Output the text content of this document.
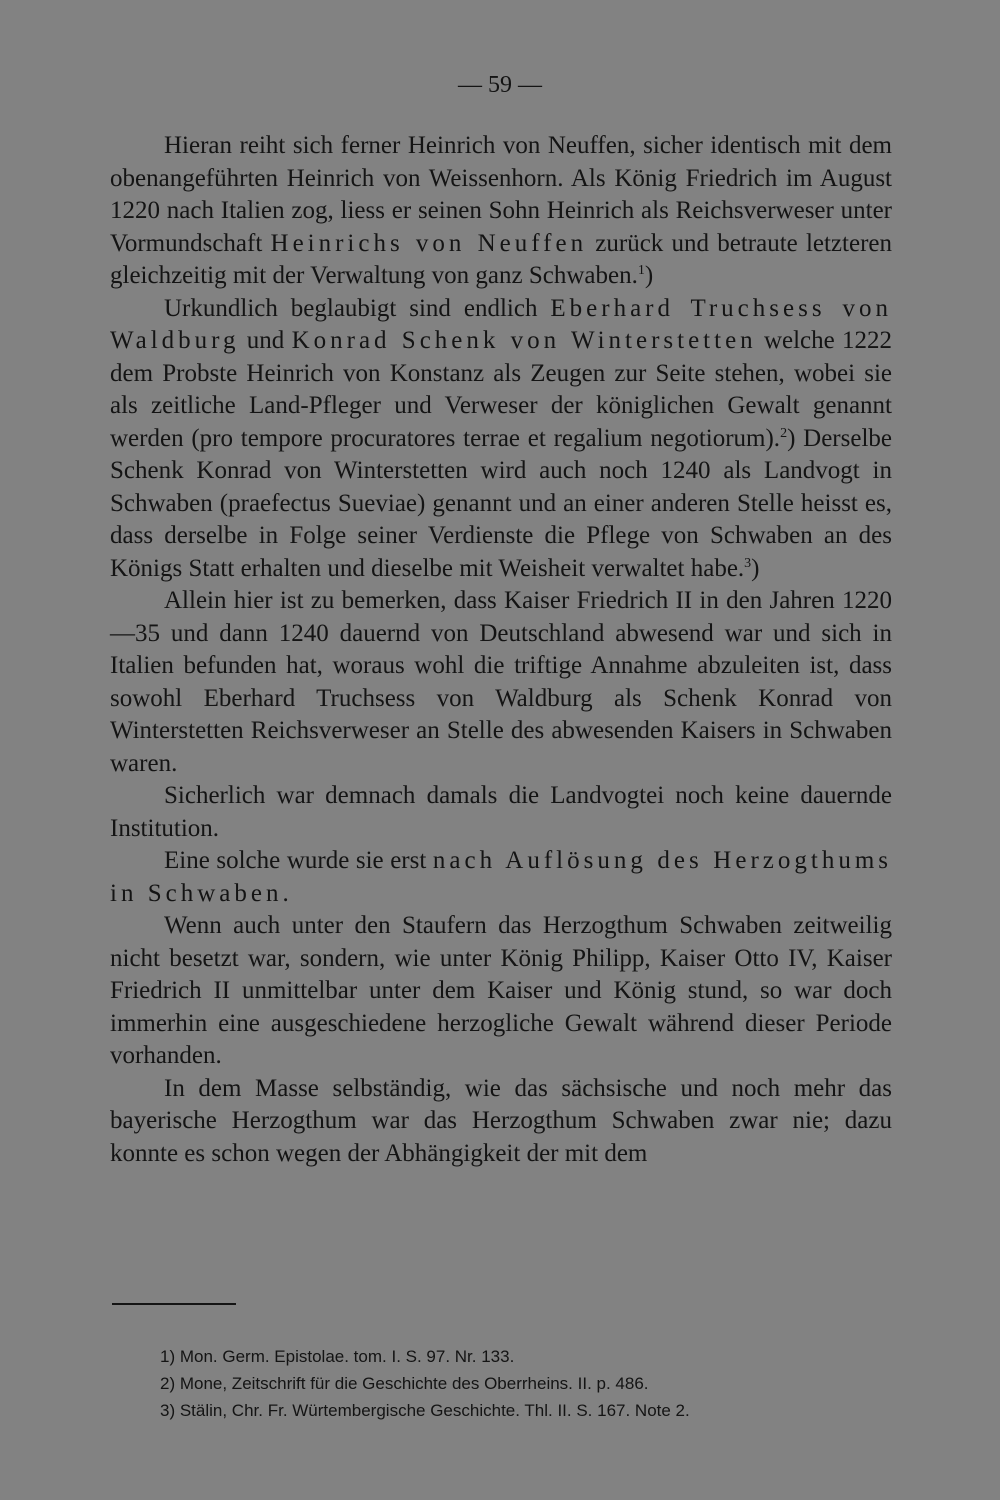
— 59 —

Hieran reiht sich ferner Heinrich von Neuffen, sicher identisch mit dem obenangeführten Heinrich von Weissenhorn. Als König Friedrich im August 1220 nach Italien zog, liess er seinen Sohn Heinrich als Reichsverweser unter Vormundschaft Heinrichs von Neuffen zurück und betraute letzteren gleichzeitig mit der Verwaltung von ganz Schwaben.$^1$)

Urkundlich beglaubigt sind endlich Eberhard Truchsess von Waldburg und Konrad Schenk von Winterstetten welche 1222 dem Probste Heinrich von Konstanz als Zeugen zur Seite stehen, wobei sie als zeitliche Land-Pfleger und Verweser der königlichen Gewalt genannt werden (pro tempore procuratores terrae et regalium negotiorum).$^2$) Derselbe Schenk Konrad von Winterstetten wird auch noch 1240 als Landvogt in Schwaben (praefectus Sueviae) genannt und an einer anderen Stelle heisst es, dass derselbe in Folge seiner Verdienste die Pflege von Schwaben an des Königs Statt erhalten und dieselbe mit Weisheit verwaltet habe.$^3$)

Allein hier ist zu bemerken, dass Kaiser Friedrich II in den Jahren 1220—35 und dann 1240 dauernd von Deutschland abwesend war und sich in Italien befunden hat, woraus wohl die triftige Annahme abzuleiten ist, dass sowohl Eberhard Truchsess von Waldburg als Schenk Konrad von Winterstetten Reichsverweser an Stelle des abwesenden Kaisers in Schwaben waren.

Sicherlich war demnach damals die Landvogtei noch keine dauernde Institution.

Eine solche wurde sie erst nach Auflösung des Herzogthums in Schwaben.

Wenn auch unter den Staufern das Herzogthum Schwaben zeitweilig nicht besetzt war, sondern, wie unter König Philipp, Kaiser Otto IV, Kaiser Friedrich II unmittelbar unter dem Kaiser und König stund, so war doch immerhin eine ausgeschiedene herzogliche Gewalt während dieser Periode vorhanden.

In dem Masse selbständig, wie das sächsische und noch mehr das bayerische Herzogthum war das Herzogthum Schwaben zwar nie; dazu konnte es schon wegen der Abhängigkeit der mit dem

1) Mon. Germ. Epistolae. tom. I. S. 97. Nr. 133.
2) Mone, Zeitschrift für die Geschichte des Oberrheins. II. p. 486.
3) Stälin, Chr. Fr. Würtembergische Geschichte. Thl. II. S. 167. Note 2.
